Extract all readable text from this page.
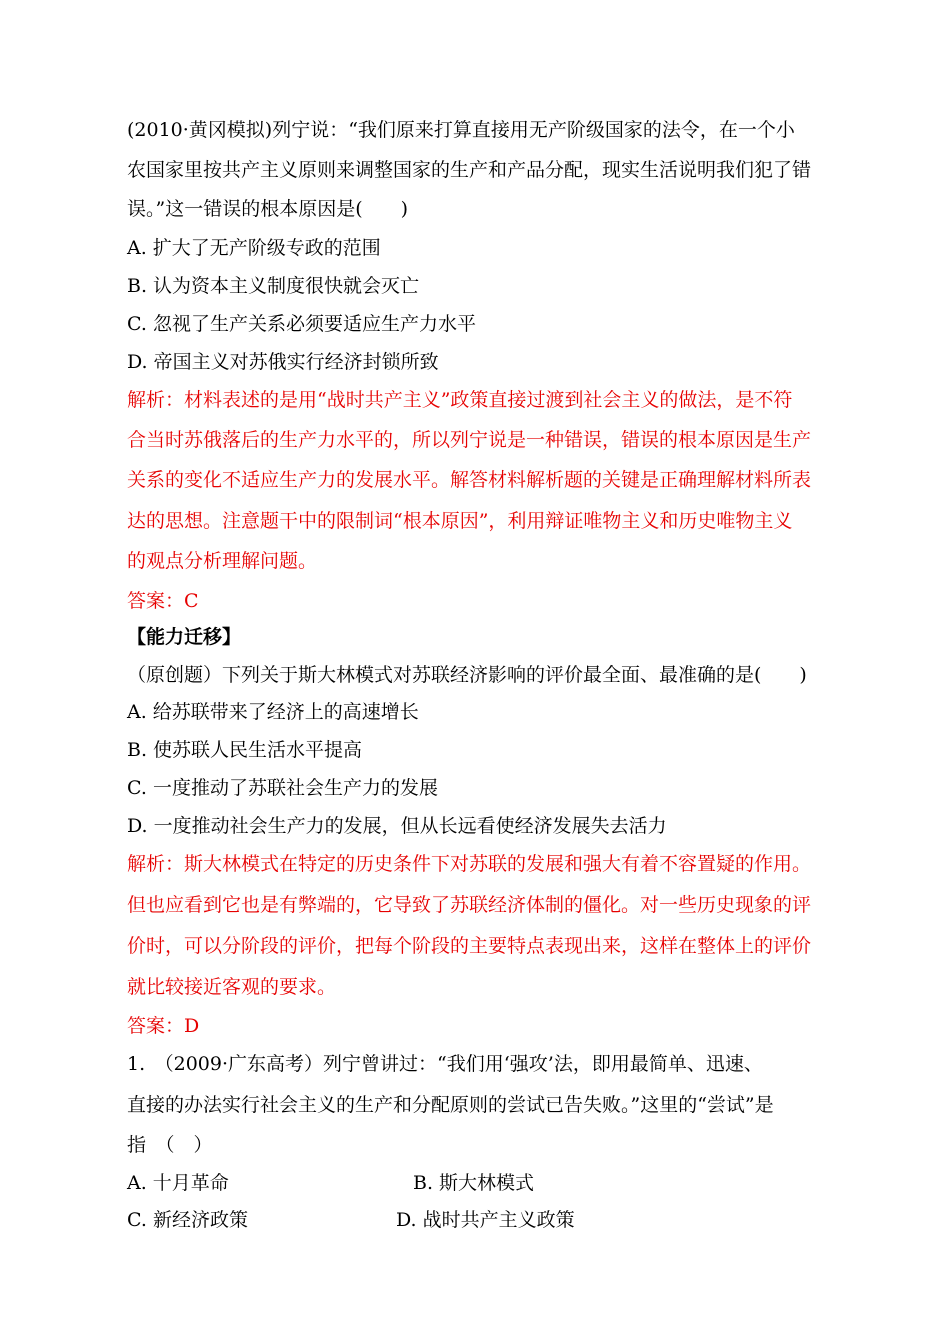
(2010·黄冈模拟)列宁说：“我们原来打算直接用无产阶级国家的法令，在一个小
农国家里按共产主义原则来调整国家的生产和产品分配，现实生活说明我们犯了错
误。”这一错误的根本原因是(　　)
A. 扩大了无产阶级专政的范围
B. 认为资本主义制度很快就会灭亡
C. 忽视了生产关系必须要适应生产力水平
D. 帝国主义对苏俄实行经济封锁所致
解析：材料表述的是用“战时共产主义”政策直接过渡到社会主义的做法，是不符
合当时苏俄落后的生产力水平的，所以列宁说是一种错误，错误的根本原因是生产
关系的变化不适应生产力的发展水平。解答材料解析题的关键是正确理解材料所表
达的思想。注意题干中的限制词“根本原因”，利用辩证唯物主义和历史唯物主义
的观点分析理解问题。
答案：C
【能力迁移】
（原创题）下列关于斯大林模式对苏联经济影响的评价最全面、最准确的是(　　)
A. 给苏联带来了经济上的高速增长
B. 使苏联人民生活水平提高
C. 一度推动了苏联社会生产力的发展
D. 一度推动社会生产力的发展，但从长远看使经济发展失去活力
解析：斯大林模式在特定的历史条件下对苏联的发展和强大有着不容置疑的作用。
但也应看到它也是有弊端的，它导致了苏联经济体制的僵化。对一些历史现象的评
价时，可以分阶段的评价，把每个阶段的主要特点表现出来，这样在整体上的评价
就比较接近客观的要求。
答案：D
1.　（2009·广东高考）列宁曾讲过：“我们用‘强攻’法，即用最简单、迅速、
直接的办法实行社会主义的生产和分配原则的尝试已告失败。”这里的“尝试”是
指　（　）
A. 十月革命	B. 斯大林模式
C. 新经济政策	D. 战时共产主义政策
